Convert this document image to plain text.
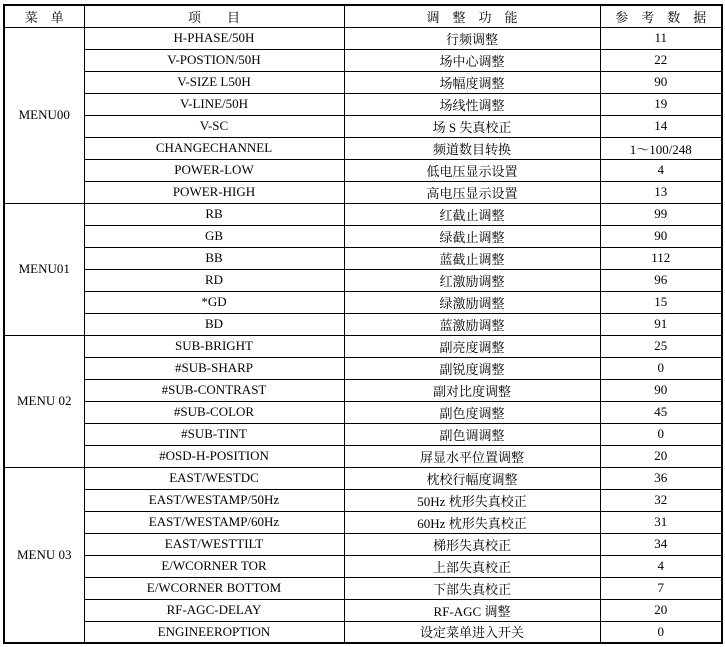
菜　单	项　　目	调　整　功　能	参　考　数　据
MENU00	H-PHASE/50H	行频调整	11
	V-POSTION/50H	场中心调整	22
	V-SIZE L50H	场幅度调整	90
	V-LINE/50H	场线性调整	19
	V-SC	场 S 失真校正	14
	CHANGECHANNEL	频道数目转换	1～100/248
	POWER-LOW	低电压显示设置	4
	POWER-HIGH	高电压显示设置	13
MENU01	RB	红截止调整	99
	GB	绿截止调整	90
	BB	蓝截止调整	112
	RD	红激励调整	96
	*GD	绿激励调整	15
	BD	蓝激励调整	91
MENU 02	SUB-BRIGHT	副亮度调整	25
	#SUB-SHARP	副锐度调整	0
	#SUB-CONTRAST	副对比度调整	90
	#SUB-COLOR	副色度调整	45
	#SUB-TINT	副色调调整	0
	#OSD-H-POSITION	屏显水平位置调整	20
MENU 03	EAST/WESTDC	枕校行幅度调整	36
	EAST/WESTAMP/50Hz	50Hz 枕形失真校正	32
	EAST/WESTAMP/60Hz	60Hz 枕形失真校正	31
	EAST/WESTTILT	梯形失真校正	34
	E/WCORNER TOR	上部失真校正	4
	E/WCORNER BOTTOM	下部失真校正	7
	RF-AGC-DELAY	RF-AGC 调整	20
	ENGINEEROPTION	设定菜单进入开关	0
